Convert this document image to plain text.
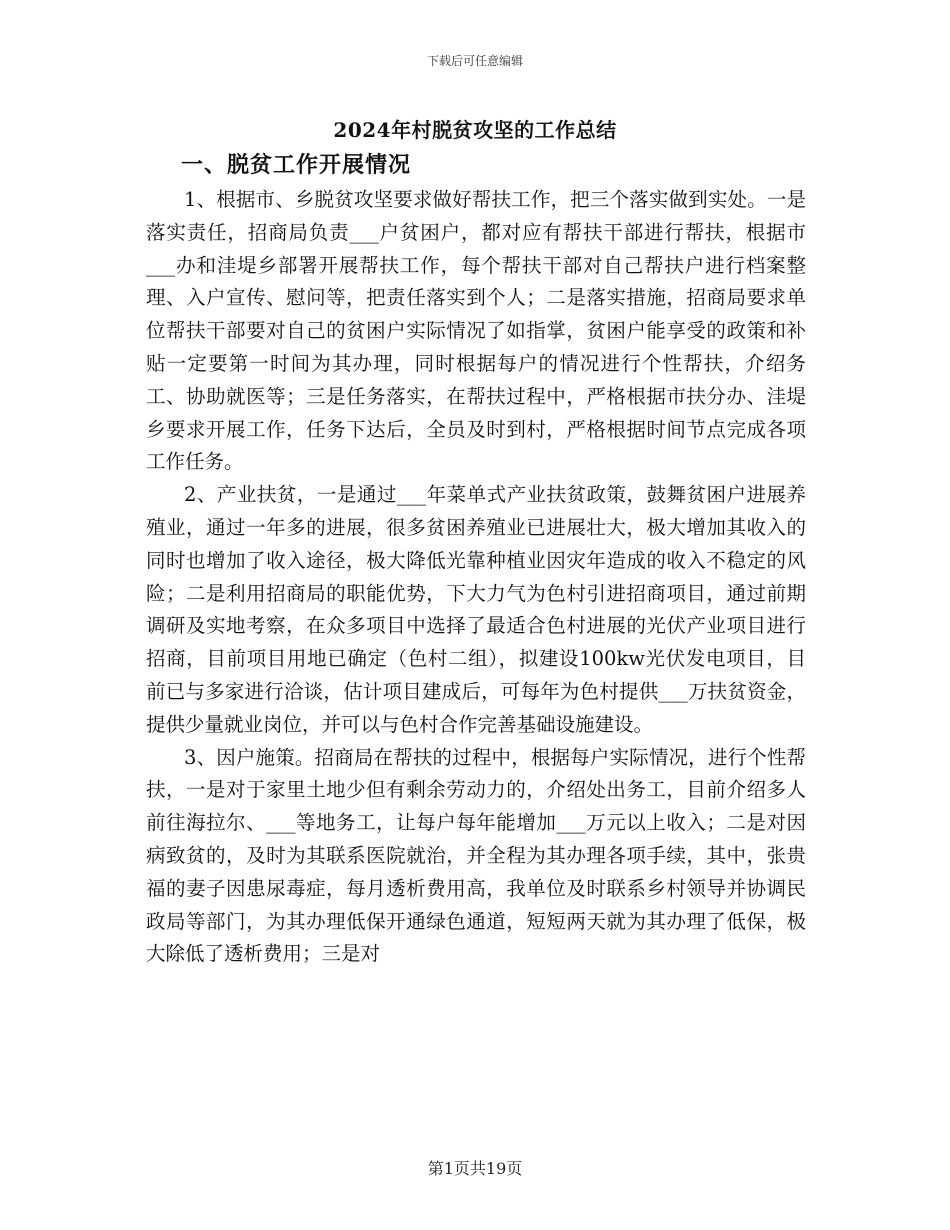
下载后可任意编辑
2024年村脱贫攻坚的工作总结
一、脱贫工作开展情况

1、根据市、乡脱贫攻坚要求做好帮扶工作，把三个落实做到实处。一是落实责任，招商局负责___户贫困户，都对应有帮扶干部进行帮扶，根据市___办和洼堤乡部署开展帮扶工作，每个帮扶干部对自己帮扶户进行档案整理、入户宣传、慰问等，把责任落实到个人；二是落实措施，招商局要求单位帮扶干部要对自己的贫困户实际情况了如指掌，贫困户能享受的政策和补贴一定要第一时间为其办理，同时根据每户的情况进行个性帮扶，介绍务工、协助就医等；三是任务落实，在帮扶过程中，严格根据市扶分办、洼堤乡要求开展工作，任务下达后，全员及时到村，严格根据时间节点完成各项工作任务。

2、产业扶贫，一是通过___年菜单式产业扶贫政策，鼓舞贫困户进展养殖业，通过一年多的进展，很多贫困养殖业已进展壮大，极大增加其收入的同时也增加了收入途径，极大降低光靠种植业因灾年造成的收入不稳定的风险；二是利用招商局的职能优势，下大力气为色村引进招商项目，通过前期调研及实地考察，在众多项目中选择了最适合色村进展的光伏产业项目进行招商，目前项目用地已确定（色村二组），拟建设100kw光伏发电项目，目前已与多家进行洽谈，估计项目建成后，可每年为色村提供___万扶贫资金，提供少量就业岗位，并可以与色村合作完善基础设施建设。

3、因户施策。招商局在帮扶的过程中，根据每户实际情况，进行个性帮扶，一是对于家里土地少但有剩余劳动力的，介绍处出务工，目前介绍多人前往海拉尔、___等地务工，让每户每年能增加___万元以上收入；二是对因病致贫的，及时为其联系医院就治，并全程为其办理各项手续，其中，张贵福的妻子因患尿毒症，每月透析费用高，我单位及时联系乡村领导并协调民政局等部门，为其办理低保开通绿色通道，短短两天就为其办理了低保，极大除低了透析费用；三是对

第1页共19页
